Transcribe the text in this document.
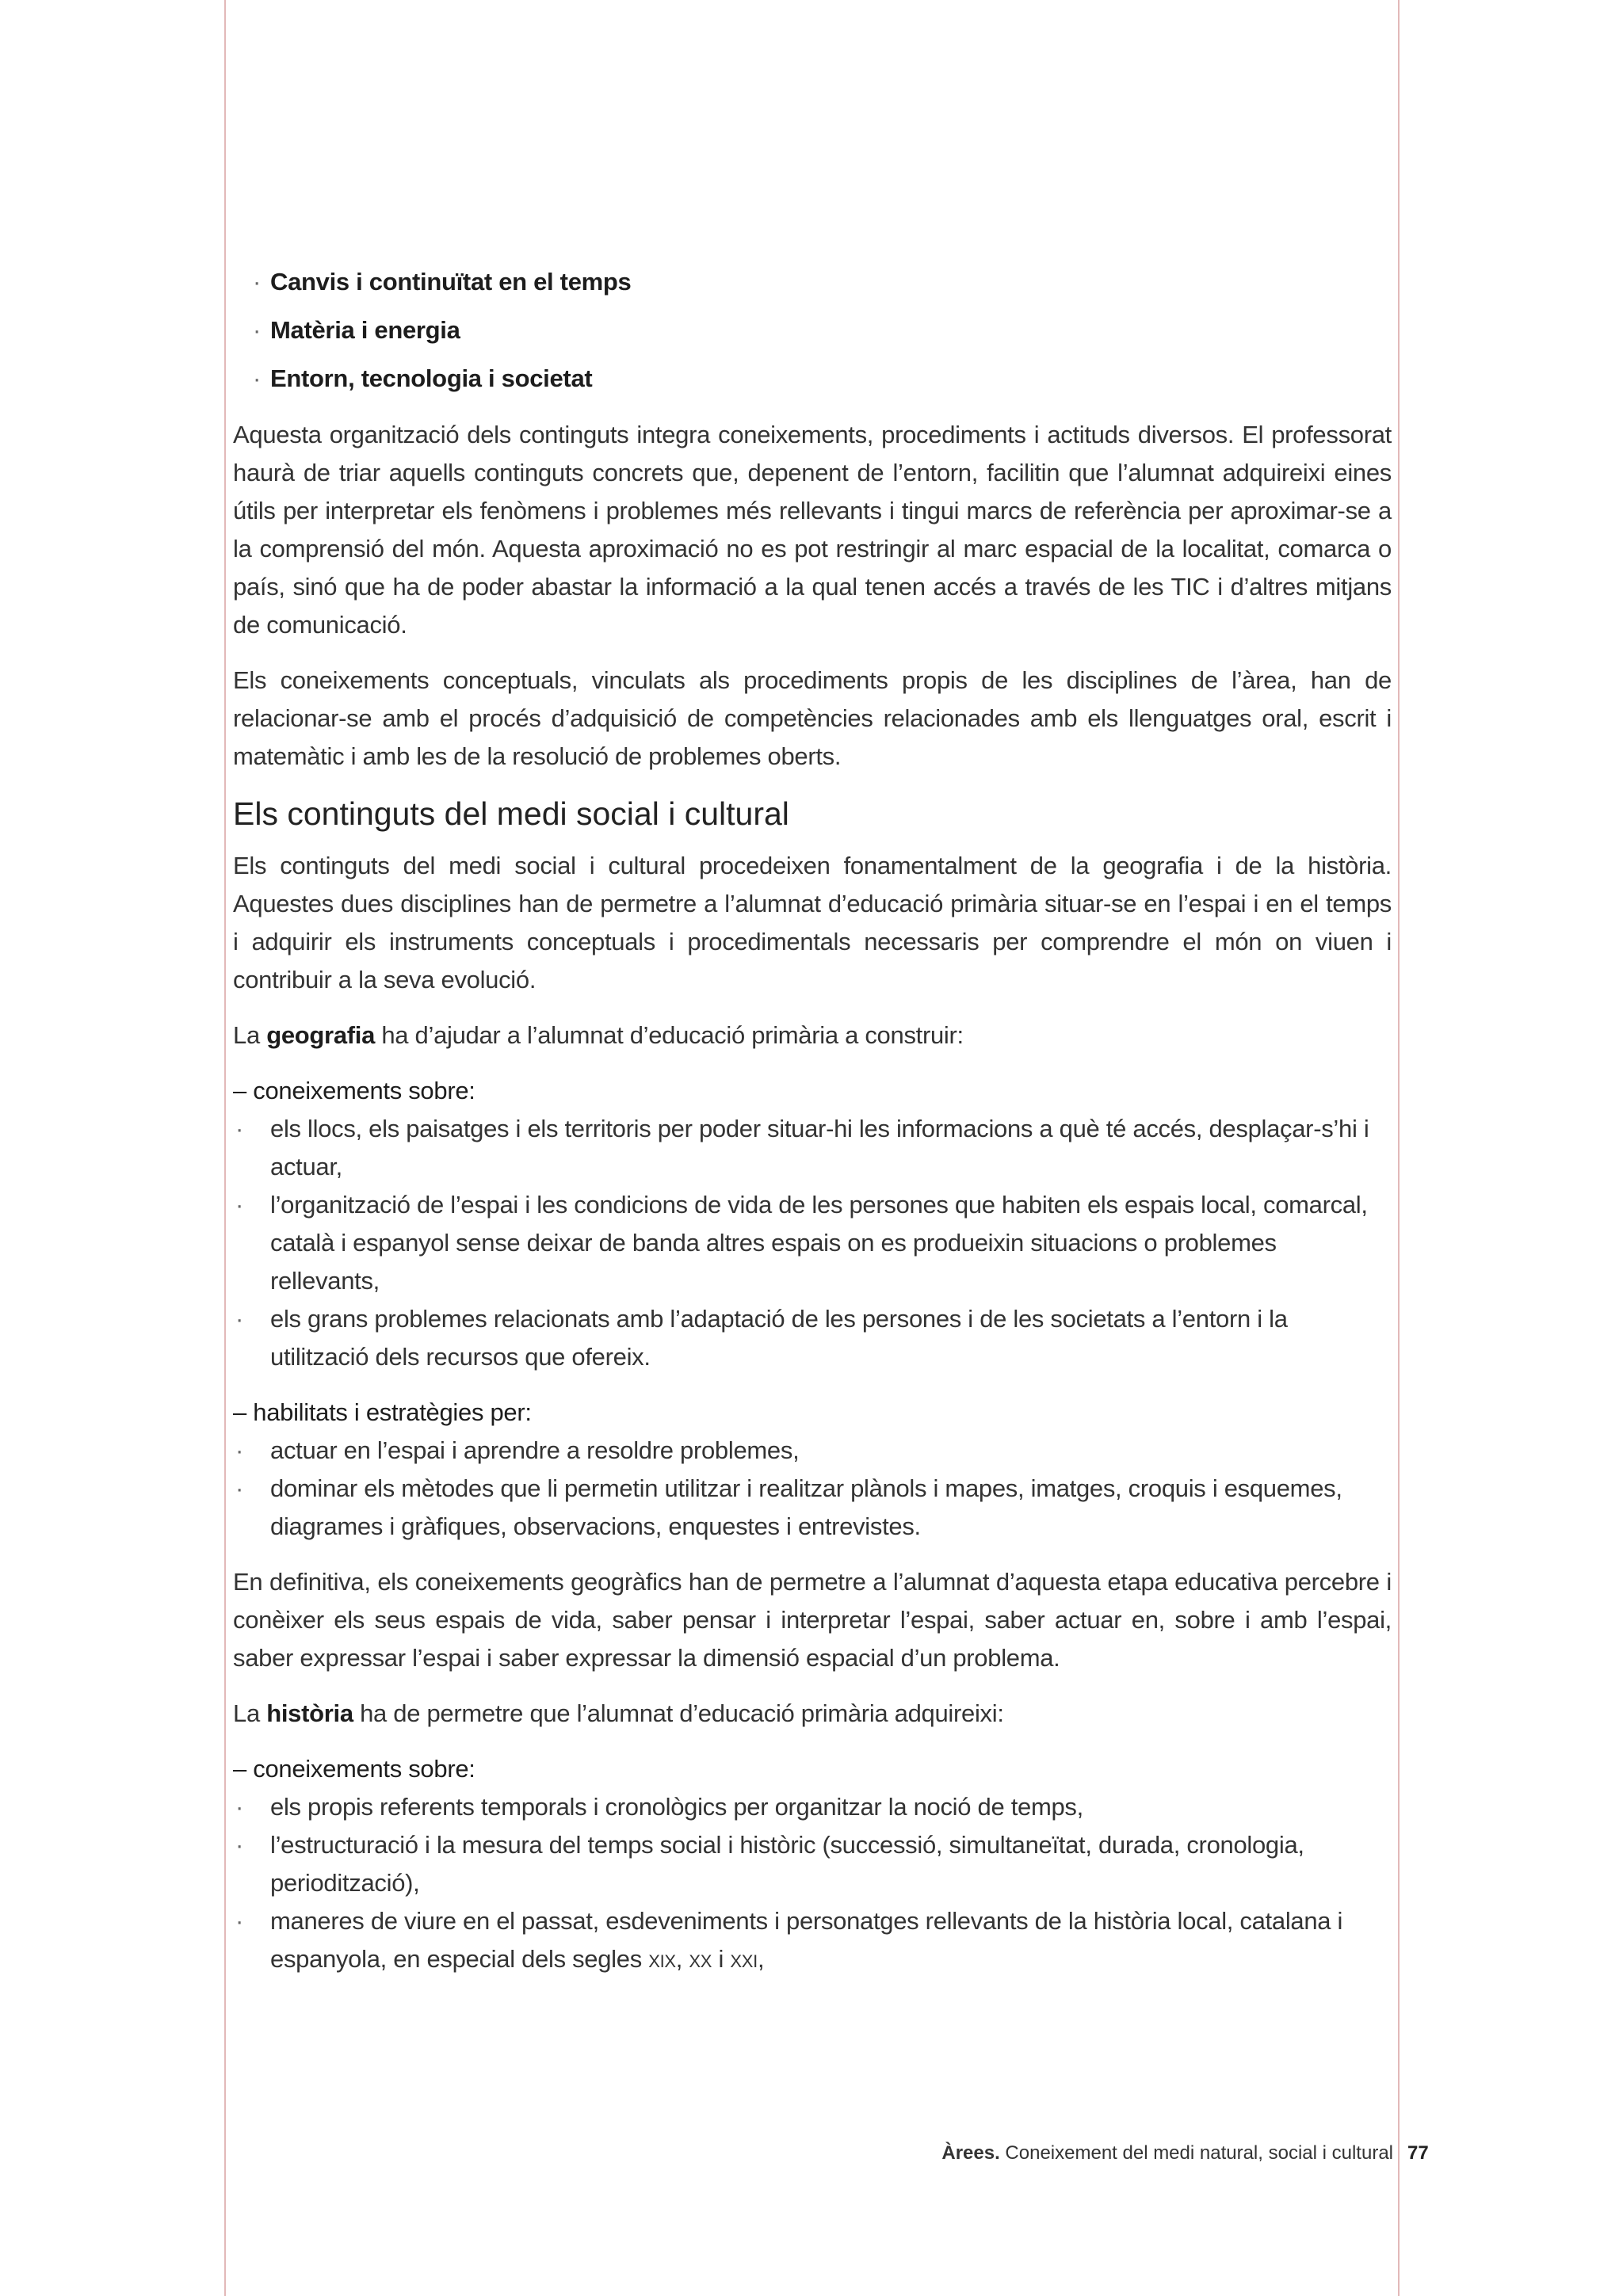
· Canvis i continuïtat en el temps
· Matèria i energia
· Entorn, tecnologia i societat

Aquesta organització dels continguts integra coneixements, procediments i actituds diversos. El professorat haurà de triar aquells continguts concrets que, depenent de l’entorn, facilitin que l’alumnat adquireixi eines útils per interpretar els fenòmens i problemes més rellevants i tingui marcs de referència per aproximar-se a la comprensió del món. Aquesta aproximació no es pot restringir al marc espacial de la localitat, comarca o país, sinó que ha de poder abastar la informació a la qual tenen accés a través de les TIC i d’altres mitjans de comunicació.

Els coneixements conceptuals, vinculats als procediments propis de les disciplines de l’àrea, han de relacionar-se amb el procés d’adquisició de competències relacionades amb els llenguatges oral, escrit i matemàtic i amb les de la resolució de problemes oberts.

Els continguts del medi social i cultural

Els continguts del medi social i cultural procedeixen fonamentalment de la geografia i de la història. Aquestes dues disciplines han de permetre a l’alumnat d’educació primària situar-se en l’espai i en el temps i adquirir els instruments conceptuals i procedimentals necessaris per comprendre el món on viuen i contribuir a la seva evolució.

La geografia ha d’ajudar a l’alumnat d’educació primària a construir:

– coneixements sobre:
· els llocs, els paisatges i els territoris per poder situar-hi les informacions a què té accés, desplaçar-s’hi i actuar,
· l’organització de l’espai i les condicions de vida de les persones que habiten els espais local, comarcal, català i espanyol sense deixar de banda altres espais on es produeixin situacions o problemes rellevants,
· els grans problemes relacionats amb l’adaptació de les persones i de les societats a l’entorn i la utilització dels recursos que ofereix.
– habilitats i estratègies per:
· actuar en l’espai i aprendre a resoldre problemes,
· dominar els mètodes que li permetin utilitzar i realitzar plànols i mapes, imatges, croquis i esquemes, diagrames i gràfiques, observacions, enquestes i entrevistes.

En definitiva, els coneixements geogràfics han de permetre a l’alumnat d’aquesta etapa educativa percebre i conèixer els seus espais de vida, saber pensar i interpretar l’espai, saber actuar en, sobre i amb l’espai, saber expressar l’espai i saber expressar la dimensió espacial d’un problema.

La història ha de permetre que l’alumnat d’educació primària adquireixi:

– coneixements sobre:
· els propis referents temporals i cronològics per organitzar la noció de temps,
· l’estructuració i la mesura del temps social i històric (successió, simultaneïtat, durada, cronologia, periodització),
· maneres de viure en el passat, esdeveniments i personatges rellevants de la història local, catalana i espanyola, en especial dels segles xix, xx i xxi,
Àrees. Coneixement del medi natural, social i cultural 77
